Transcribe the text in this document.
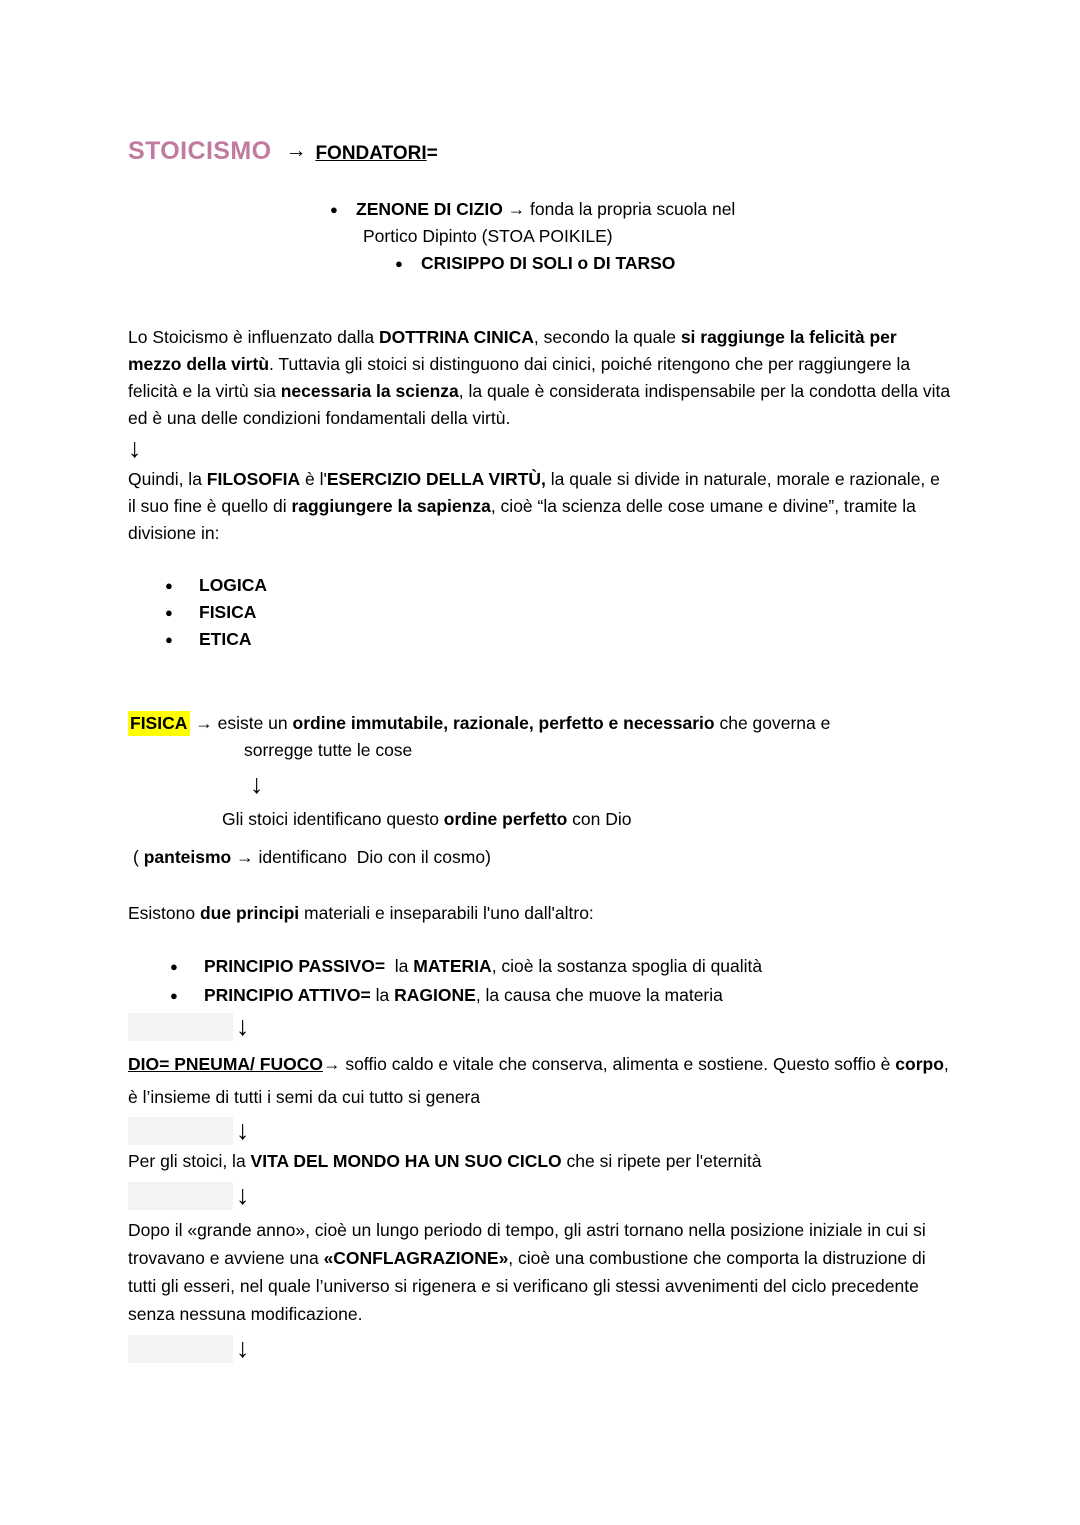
STOICISMO → FONDATORI=
● ZENONE DI CIZIO → fonda la propria scuola nel
Portico Dipinto (STOA POIKILE)
● CRISIPPO DI SOLI o DI TARSO
Lo Stoicismo è influenzato dalla DOTTRINA CINICA, secondo la quale si raggiunge la felicità per mezzo della virtù. Tuttavia gli stoici si distinguono dai cinici, poiché ritengono che per raggiungere la felicità e la virtù sia necessaria la scienza, la quale è considerata indispensabile per la condotta della vita ed è una delle condizioni fondamentali della virtù.
↓
Quindi, la FILOSOFIA è l'ESERCIZIO DELLA VIRTÙ, la quale si divide in naturale, morale e razionale, e il suo fine è quello di raggiungere la sapienza, cioè “la scienza delle cose umane e divine”, tramite la divisione in:
● LOGICA
● FISICA
● ETICA
FISICA → esiste un ordine immutabile, razionale, perfetto e necessario che governa e
sorregge tutte le cose
↓
Gli stoici identificano questo ordine perfetto con Dio
( panteismo → identificano  Dio con il cosmo)
Esistono due principi materiali e inseparabili l'uno dall'altro:
● PRINCIPIO PASSIVO=  la MATERIA, cioè la sostanza spoglia di qualità
● PRINCIPIO ATTIVO= la RAGIONE, la causa che muove la materia
↓
DIO= PNEUMA/ FUOCO→ soffio caldo e vitale che conserva, alimenta e sostiene. Questo soffio è corpo, è l’insieme di tutti i semi da cui tutto si genera
↓
Per gli stoici, la VITA DEL MONDO HA UN SUO CICLO che si ripete per l'eternità
↓
Dopo il «grande anno», cioè un lungo periodo di tempo, gli astri tornano nella posizione iniziale in cui si trovavano e avviene una «CONFLAGRAZIONE», cioè una combustione che comporta la distruzione di tutti gli esseri, nel quale l’universo si rigenera e si verificano gli stessi avvenimenti del ciclo precedente senza nessuna modificazione.
↓
